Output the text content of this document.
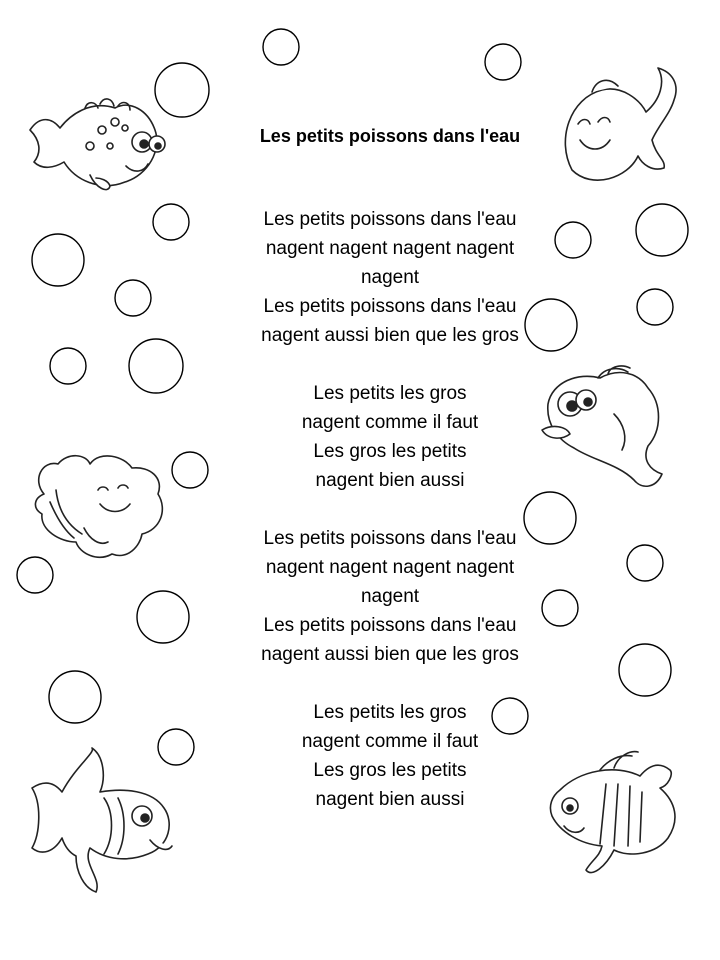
Les petits poissons dans l'eau
Les petits poissons dans l'eau
nagent nagent nagent nagent
nagent
Les petits poissons dans l'eau
nagent aussi bien que les gros
Les petits les gros
nagent comme il faut
Les gros les petits
nagent bien aussi
Les petits poissons dans l'eau
nagent nagent nagent nagent
nagent
Les petits poissons dans l'eau
nagent aussi bien que les gros
Les petits les gros
nagent comme il faut
Les gros les petits
nagent bien aussi
